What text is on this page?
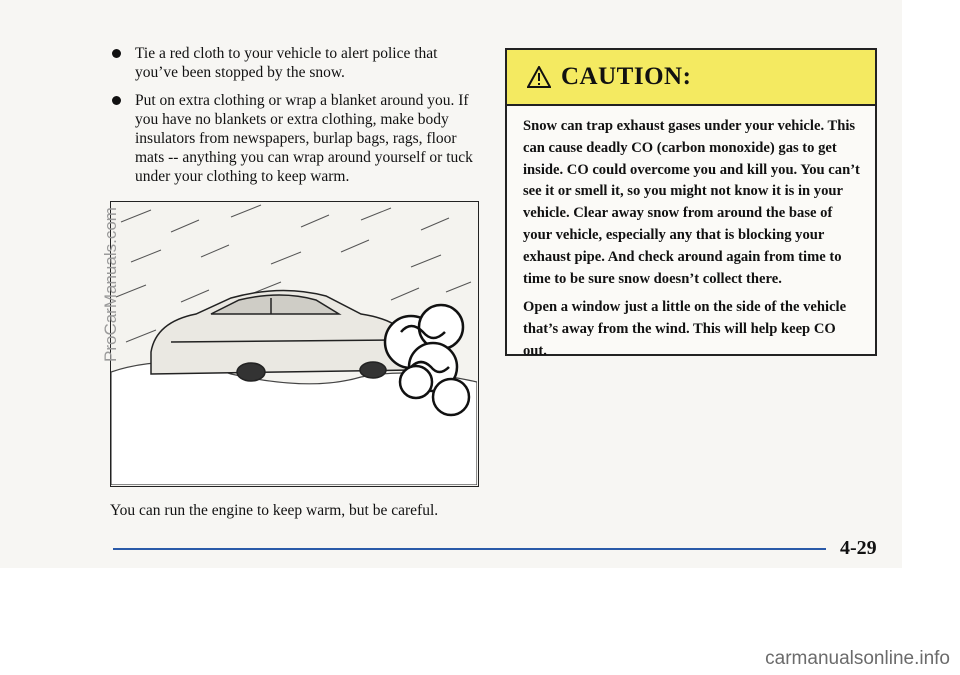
Tie a red cloth to your vehicle to alert police that you’ve been stopped by the snow.
Put on extra clothing or wrap a blanket around you. If you have no blankets or extra clothing, make body insulators from newspapers, burlap bags, rags, floor mats -- anything you can wrap around yourself or tuck under your clothing to keep warm.
You can run the engine to keep warm, but be careful.
CAUTION:

Snow can trap exhaust gases under your vehicle. This can cause deadly CO (carbon monoxide) gas to get inside. CO could overcome you and kill you. You can’t see it or smell it, so you might not know it is in your vehicle. Clear away snow from around the base of your vehicle, especially any that is blocking your exhaust pipe. And check around again from time to time to be sure snow doesn’t collect there.

Open a window just a little on the side of the vehicle that’s away from the wind. This will help keep CO out.

4-29
ProCarManuals.com
carmanualsonline.info
